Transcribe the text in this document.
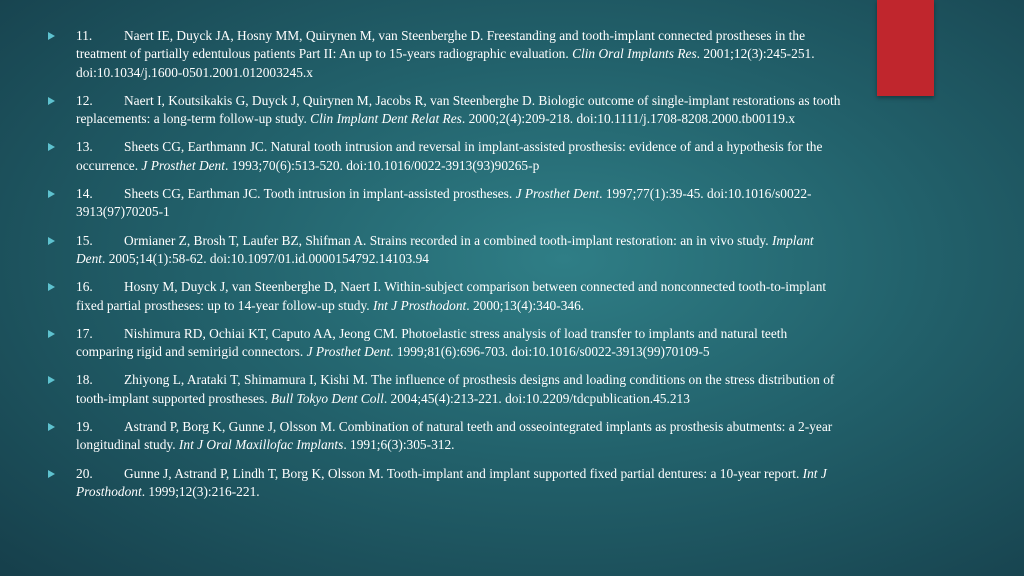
11. Naert IE, Duyck JA, Hosny MM, Quirynen M, van Steenberghe D. Freestanding and tooth-implant connected prostheses in the treatment of partially edentulous patients Part II: An up to 15-years radiographic evaluation. Clin Oral Implants Res. 2001;12(3):245-251. doi:10.1034/j.1600-0501.2001.012003245.x
12. Naert I, Koutsikakis G, Duyck J, Quirynen M, Jacobs R, van Steenberghe D. Biologic outcome of single-implant restorations as tooth replacements: a long-term follow-up study. Clin Implant Dent Relat Res. 2000;2(4):209-218. doi:10.1111/j.1708-8208.2000.tb00119.x
13. Sheets CG, Earthmann JC. Natural tooth intrusion and reversal in implant-assisted prosthesis: evidence of and a hypothesis for the occurrence. J Prosthet Dent. 1993;70(6):513-520. doi:10.1016/0022-3913(93)90265-p
14. Sheets CG, Earthman JC. Tooth intrusion in implant-assisted prostheses. J Prosthet Dent. 1997;77(1):39-45. doi:10.1016/s0022-3913(97)70205-1
15. Ormianer Z, Brosh T, Laufer BZ, Shifman A. Strains recorded in a combined tooth-implant restoration: an in vivo study. Implant Dent. 2005;14(1):58-62. doi:10.1097/01.id.0000154792.14103.94
16. Hosny M, Duyck J, van Steenberghe D, Naert I. Within-subject comparison between connected and nonconnected tooth-to-implant fixed partial prostheses: up to 14-year follow-up study. Int J Prosthodont. 2000;13(4):340-346.
17. Nishimura RD, Ochiai KT, Caputo AA, Jeong CM. Photoelastic stress analysis of load transfer to implants and natural teeth comparing rigid and semirigid connectors. J Prosthet Dent. 1999;81(6):696-703. doi:10.1016/s0022-3913(99)70109-5
18. Zhiyong L, Arataki T, Shimamura I, Kishi M. The influence of prosthesis designs and loading conditions on the stress distribution of tooth-implant supported prostheses. Bull Tokyo Dent Coll. 2004;45(4):213-221. doi:10.2209/tdcpublication.45.213
19. Astrand P, Borg K, Gunne J, Olsson M. Combination of natural teeth and osseointegrated implants as prosthesis abutments: a 2-year longitudinal study. Int J Oral Maxillofac Implants. 1991;6(3):305-312.
20. Gunne J, Astrand P, Lindh T, Borg K, Olsson M. Tooth-implant and implant supported fixed partial dentures: a 10-year report. Int J Prosthodont. 1999;12(3):216-221.
